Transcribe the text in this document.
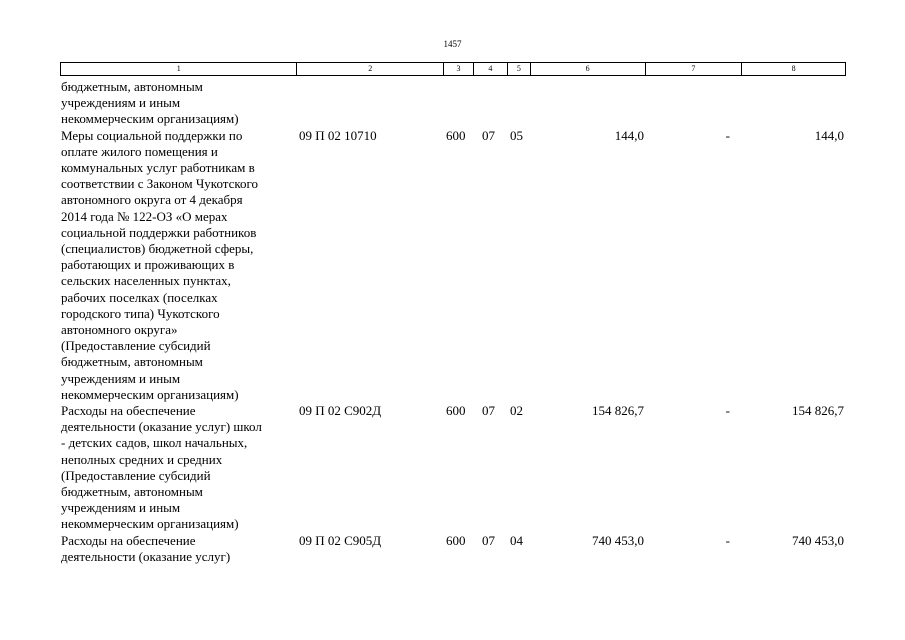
1457
1	2	3	4	5	6	7	8
бюджетным, автономным
учреждениям и иным
некоммерческим организациям)
Меры социальной поддержки по
оплате жилого помещения и
коммунальных услуг работникам в
соответствии с Законом Чукотского
автономного округа от 4 декабря
2014 года № 122-ОЗ «О мерах
социальной поддержки работников
(специалистов) бюджетной сферы,
работающих и проживающих в
сельских населенных пунктах,
рабочих поселках (поселках
городского типа) Чукотского
автономного округа»
(Предоставление субсидий
бюджетным, автономным
учреждениям и иным
некоммерческим организациям)
09 П 02 10710	600	07	05	144,0	-	144,0
Расходы на обеспечение
деятельности (оказание услуг) школ
- детских садов, школ начальных,
неполных средних и средних
(Предоставление субсидий
бюджетным, автономным
учреждениям и иным
некоммерческим организациям)
09 П 02 С902Д	600	07	02	154 826,7	-	154 826,7
Расходы на обеспечение
деятельности (оказание услуг)
09 П 02 С905Д	600	07	04	740 453,0	-	740 453,0
